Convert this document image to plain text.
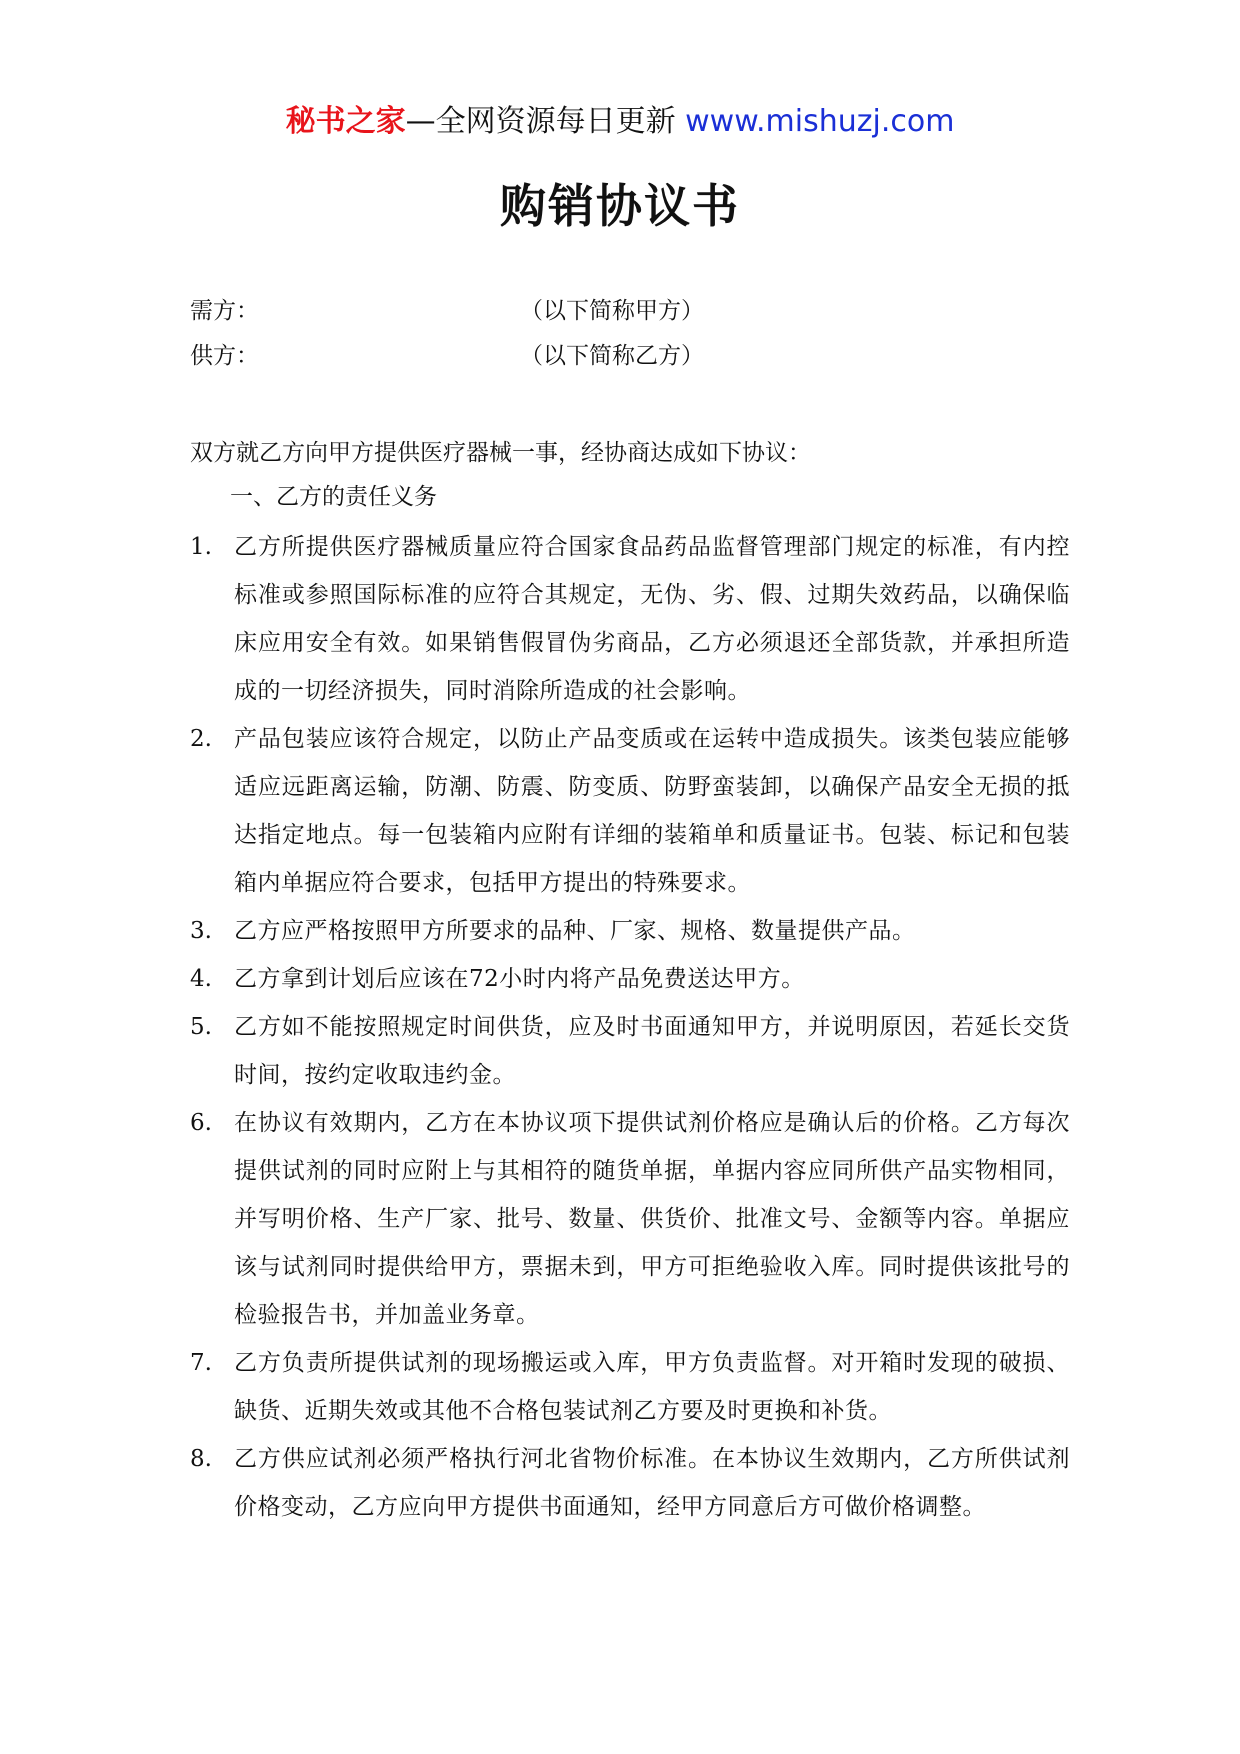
秘书之家—全网资源每日更新 www.mishuzj.com
购销协议书
需方：	（以下简称甲方）
供方：	（以下简称乙方）
双方就乙方向甲方提供医疗器械一事，经协商达成如下协议：
一、乙方的责任义务
1. 乙方所提供医疗器械质量应符合国家食品药品监督管理部门规定的标准，有内控标准或参照国际标准的应符合其规定，无伪、劣、假、过期失效药品，以确保临床应用安全有效。如果销售假冒伪劣商品，乙方必须退还全部货款，并承担所造成的一切经济损失，同时消除所造成的社会影响。
2. 产品包装应该符合规定，以防止产品变质或在运转中造成损失。该类包装应能够适应远距离运输，防潮、防震、防变质、防野蛮装卸，以确保产品安全无损的抵达指定地点。每一包装箱内应附有详细的装箱单和质量证书。包装、标记和包装箱内单据应符合要求，包括甲方提出的特殊要求。
3. 乙方应严格按照甲方所要求的品种、厂家、规格、数量提供产品。
4. 乙方拿到计划后应该在72小时内将产品免费送达甲方。
5. 乙方如不能按照规定时间供货，应及时书面通知甲方，并说明原因，若延长交货时间，按约定收取违约金。
6. 在协议有效期内，乙方在本协议项下提供试剂价格应是确认后的价格。乙方每次提供试剂的同时应附上与其相符的随货单据，单据内容应同所供产品实物相同，并写明价格、生产厂家、批号、数量、供货价、批准文号、金额等内容。单据应该与试剂同时提供给甲方，票据未到，甲方可拒绝验收入库。同时提供该批号的检验报告书，并加盖业务章。
7. 乙方负责所提供试剂的现场搬运或入库，甲方负责监督。对开箱时发现的破损、缺货、近期失效或其他不合格包装试剂乙方要及时更换和补货。
8. 乙方供应试剂必须严格执行河北省物价标准。在本协议生效期内，乙方所供试剂价格变动，乙方应向甲方提供书面通知，经甲方同意后方可做价格调整。
